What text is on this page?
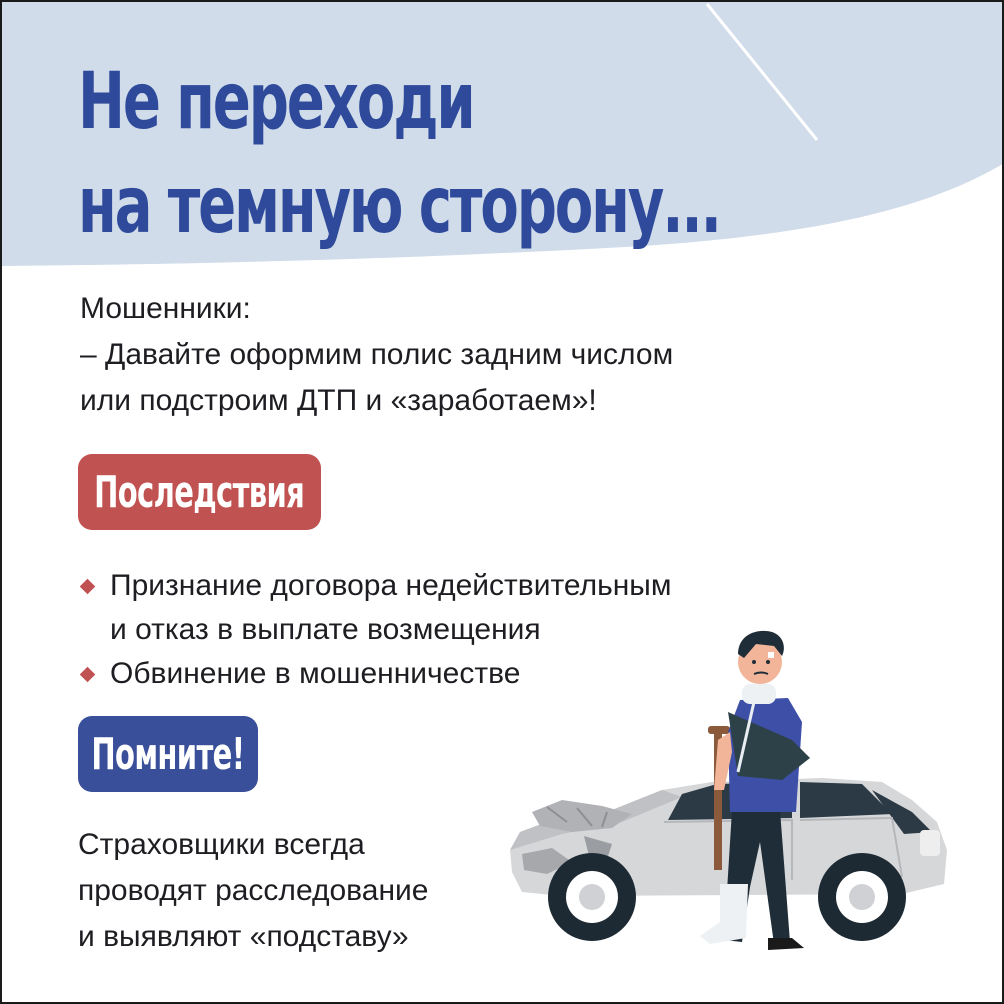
Не переходи
на темную сторону...
Мошенники:
– Давайте оформим полис задним числом
или подстроим ДТП и «заработаем»!
Последствия
Признание договора недействительным
и отказ в выплате возмещения
Обвинение в мошенничестве
Помните!
Страховщики всегда
проводят расследование
и выявляют «подставу»
